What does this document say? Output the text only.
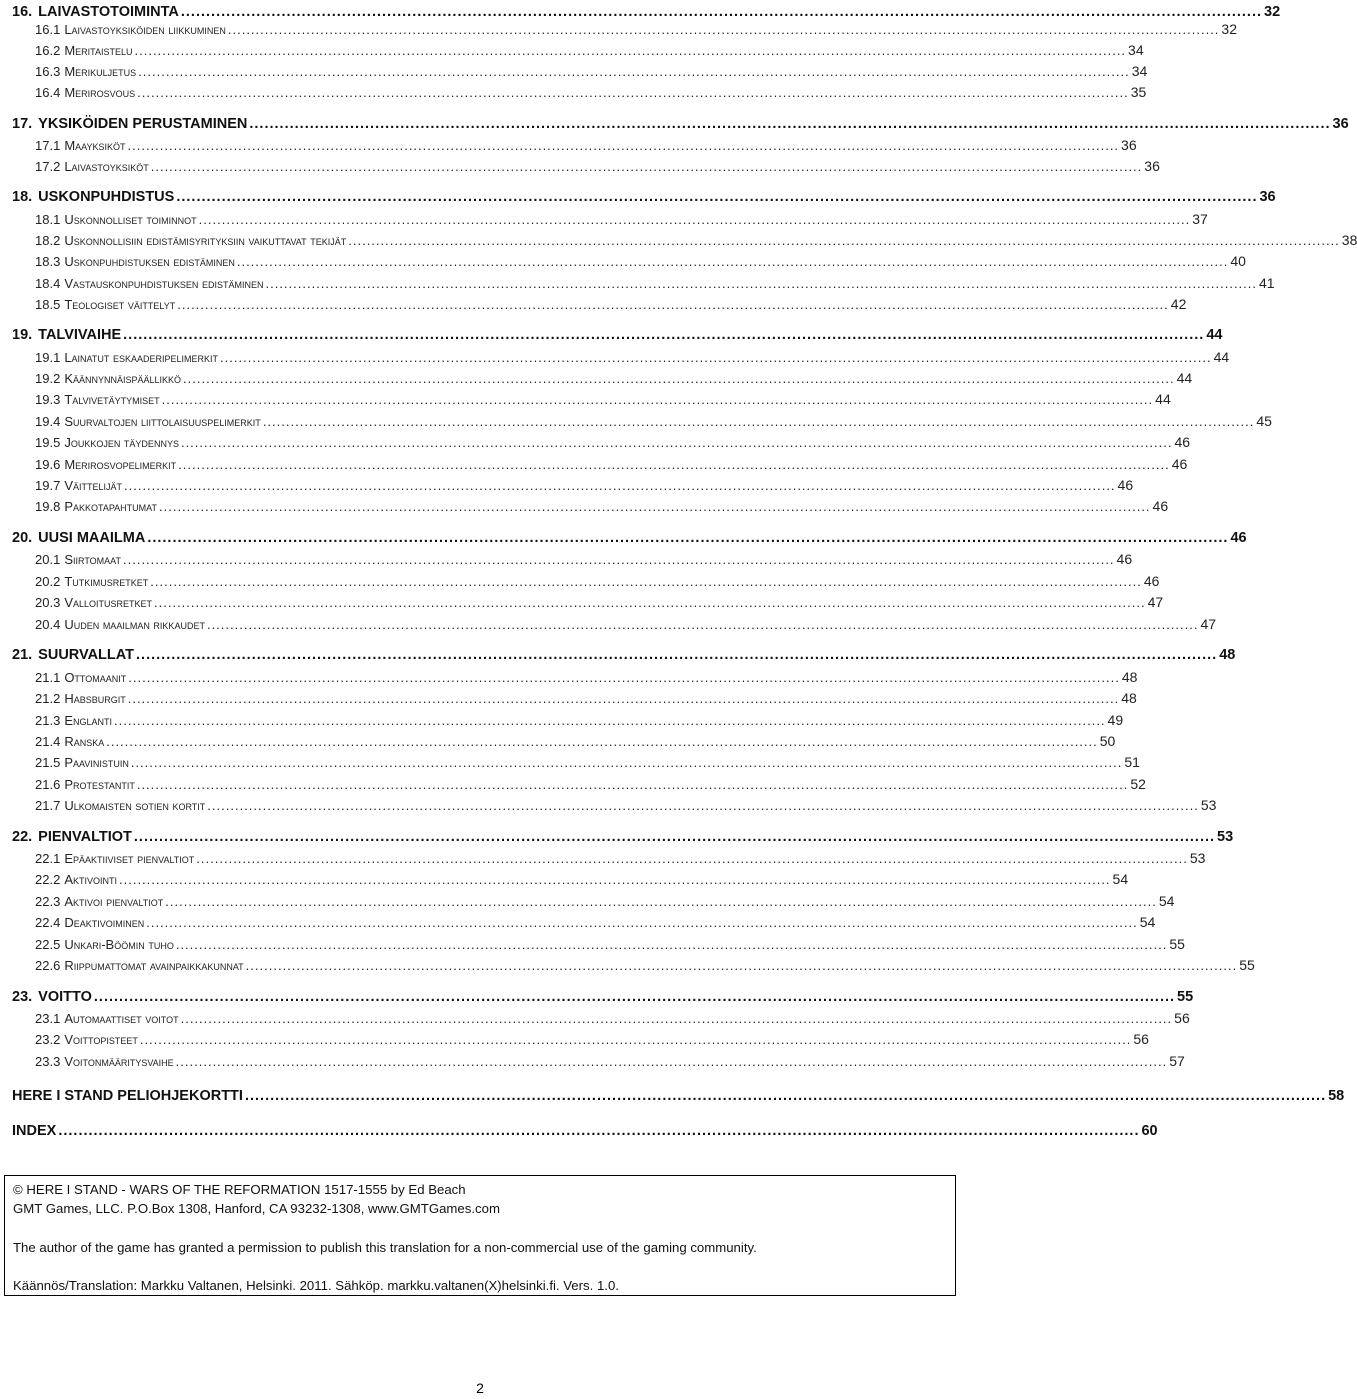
16. LAIVASTOTOIMINTA ....................................................................................................................................................................................................................... 32
16.1 Laivastoyksiköiden liikkuminen ....................................................................................................................................................................................................................... 32
16.2 Meritaistelu ....................................................................................................................................................................................................................... 34
16.3 Merikuljetus ....................................................................................................................................................................................................................... 34
16.4 Merirosvous ....................................................................................................................................................................................................................... 35
17. YKSIKÖIDEN PERUSTAMINEN ....................................................................................................................................................................................................................... 36
17.1 Maayksiköt ....................................................................................................................................................................................................................... 36
17.2 Laivastoyksiköt ....................................................................................................................................................................................................................... 36
18. USKONPUHDISTUS ....................................................................................................................................................................................................................... 36
18.1 Uskonnolliset toiminnot ....................................................................................................................................................................................................................... 37
18.2 Uskonnollisiin edistämisyrityksiin vaikuttavat tekijät ....................................................................................................................................................................................................................... 38
18.3 Uskonpuhdistuksen edistäminen ....................................................................................................................................................................................................................... 40
18.4 Vastauskonpuhdistuksen edistäminen ....................................................................................................................................................................................................................... 41
18.5 Teologiset väittelyt ....................................................................................................................................................................................................................... 42
19. TALVIVAIHE ....................................................................................................................................................................................................................... 44
19.1 Lainatut eskaaderipelimerkit ....................................................................................................................................................................................................................... 44
19.2 Käännynnäispäällikkö ....................................................................................................................................................................................................................... 44
19.3 Talvivetäytymiset ....................................................................................................................................................................................................................... 44
19.4 Suurvaltojen liittolaisuuspelimerkit ....................................................................................................................................................................................................................... 45
19.5 Joukkojen täydennys ....................................................................................................................................................................................................................... 46
19.6 Merirosvopelimerkit ....................................................................................................................................................................................................................... 46
19.7 Väittelijät ....................................................................................................................................................................................................................... 46
19.8 Pakkotapahtumat ....................................................................................................................................................................................................................... 46
20. UUSI MAAILMA ....................................................................................................................................................................................................................... 46
20.1 Siirtomaat ....................................................................................................................................................................................................................... 46
20.2 Tutkimusretket ....................................................................................................................................................................................................................... 46
20.3 Valloitusretket ....................................................................................................................................................................................................................... 47
20.4 Uuden maailman rikkaudet ....................................................................................................................................................................................................................... 47
21. SUURVALLAT ....................................................................................................................................................................................................................... 48
21.1 Ottomaanit ....................................................................................................................................................................................................................... 48
21.2 Habsburgit ....................................................................................................................................................................................................................... 48
21.3 Englanti ....................................................................................................................................................................................................................... 49
21.4 Ranska ....................................................................................................................................................................................................................... 50
21.5 Paavinistuin ....................................................................................................................................................................................................................... 51
21.6 Protestantit ....................................................................................................................................................................................................................... 52
21.7 Ulkomaisten sotien kortit ....................................................................................................................................................................................................................... 53
22. PIENVALTIOT ....................................................................................................................................................................................................................... 53
22.1 Epäaktiiviset pienvaltiot ....................................................................................................................................................................................................................... 53
22.2 Aktivointi ....................................................................................................................................................................................................................... 54
22.3 Aktivoi pienvaltiot ....................................................................................................................................................................................................................... 54
22.4 Deaktivoiminen ....................................................................................................................................................................................................................... 54
22.5 Unkari-Böömin tuho ....................................................................................................................................................................................................................... 55
22.6 Riippumattomat avainpaikkakunnat ....................................................................................................................................................................................................................... 55
23. VOITTO ....................................................................................................................................................................................................................... 55
23.1 Automaattiset voitot ....................................................................................................................................................................................................................... 56
23.2 Voittopisteet ....................................................................................................................................................................................................................... 56
23.3 Voitonmääritysvaihe ....................................................................................................................................................................................................................... 57
HERE I STAND PELIOHJEKORTTI ....................................................................................................................................................................................................................... 58
INDEX ....................................................................................................................................................................................................................... 60
© HERE I STAND - WARS OF THE REFORMATION 1517-1555 by Ed Beach
GMT Games, LLC. P.O.Box 1308, Hanford, CA 93232-1308, www.GMTGames.com
The author of the game has granted a permission to publish this translation for a non-commercial use of the gaming community.
Käännös/Translation: Markku Valtanen, Helsinki. 2011. Sähköp. markku.valtanen(X)helsinki.fi. Vers. 1.0.
2
